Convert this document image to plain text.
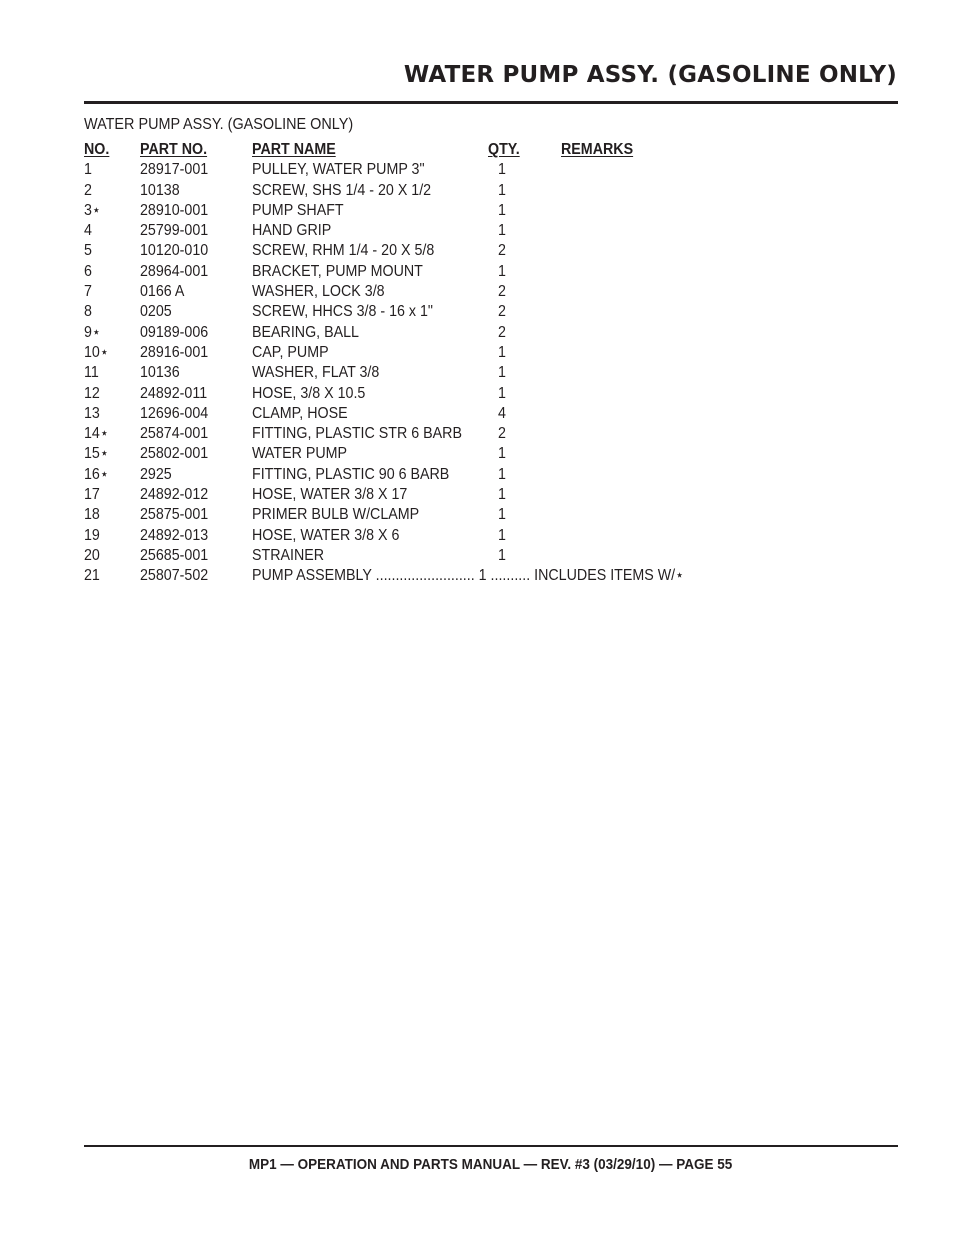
WATER PUMP ASSY. (GASOLINE ONLY)
WATER PUMP ASSY. (GASOLINE ONLY)
NO. PART NO.	PART NAME	QTY.	REMARKS
1	28917-001	PULLEY, WATER PUMP 3"	1
2	10138	SCREW, SHS 1/4 - 20 X 1/2	1
3⋆	28910-001	PUMP SHAFT	1
4	25799-001	HAND GRIP	1
5	10120-010	SCREW, RHM 1/4 - 20 X 5/8	2
6	28964-001	BRACKET, PUMP MOUNT	1
7	0166 A	WASHER, LOCK 3/8	2
8	0205	SCREW, HHCS 3/8 - 16 x 1"	2
9⋆	09189-006	BEARING, BALL	2
10⋆ 28916-001	CAP, PUMP	1
11	10136	WASHER, FLAT 3/8	1
12	24892-011	HOSE, 3/8 X 10.5	1
13	12696-004	CLAMP, HOSE	4
14⋆ 25874-001	FITTING, PLASTIC STR 6 BARB 2
15⋆ 25802-001	WATER PUMP	1
16⋆ 2925	FITTING, PLASTIC 90 6 BARB	1
17	24892-012	HOSE, WATER 3/8 X 17	1
18	25875-001	PRIMER BULB W/CLAMP	1
19	24892-013	HOSE, WATER 3/8 X 6	1
20	25685-001	STRAINER	1
21	25807-502	PUMP ASSEMBLY ......................... 1 .......... INCLUDES ITEMS W/⋆
MP1 — OPERATION AND PARTS MANUAL — REV. #3 (03/29/10) — PAGE 55
